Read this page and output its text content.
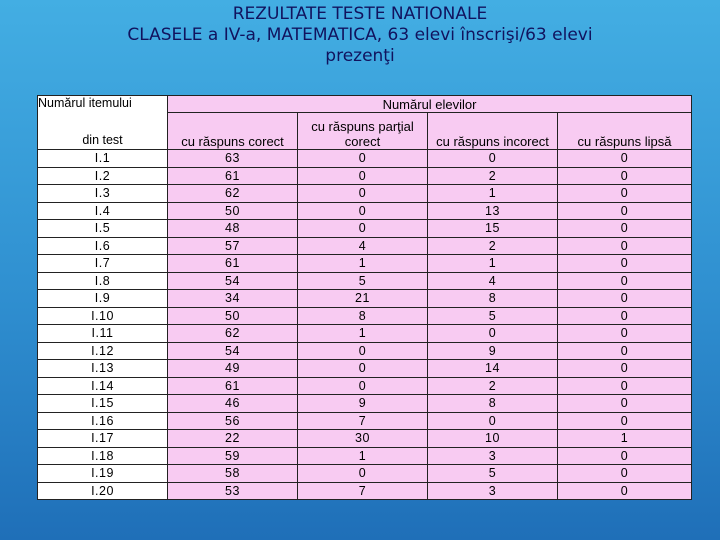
REZULTATE TESTE NATIONALE
CLASELE a IV-a, MATEMATICA, 63 elevi înscrişi/63 elevi
prezenţi
Numărul itemului
din test	Numărul elevilor			
	cu răspuns corect	cu răspuns parţial corect	cu răspuns incorect	cu răspuns lipsă
I.1	63	0	0	0
I.2	61	0	2	0
I.3	62	0	1	0
I.4	50	0	13	0
I.5	48	0	15	0
I.6	57	4	2	0
I.7	61	1	1	0
I.8	54	5	4	0
I.9	34	21	8	0
I.10	50	8	5	0
I.11	62	1	0	0
I.12	54	0	9	0
I.13	49	0	14	0
I.14	61	0	2	0
I.15	46	9	8	0
I.16	56	7	0	0
I.17	22	30	10	1
I.18	59	1	3	0
I.19	58	0	5	0
I.20	53	7	3	0
